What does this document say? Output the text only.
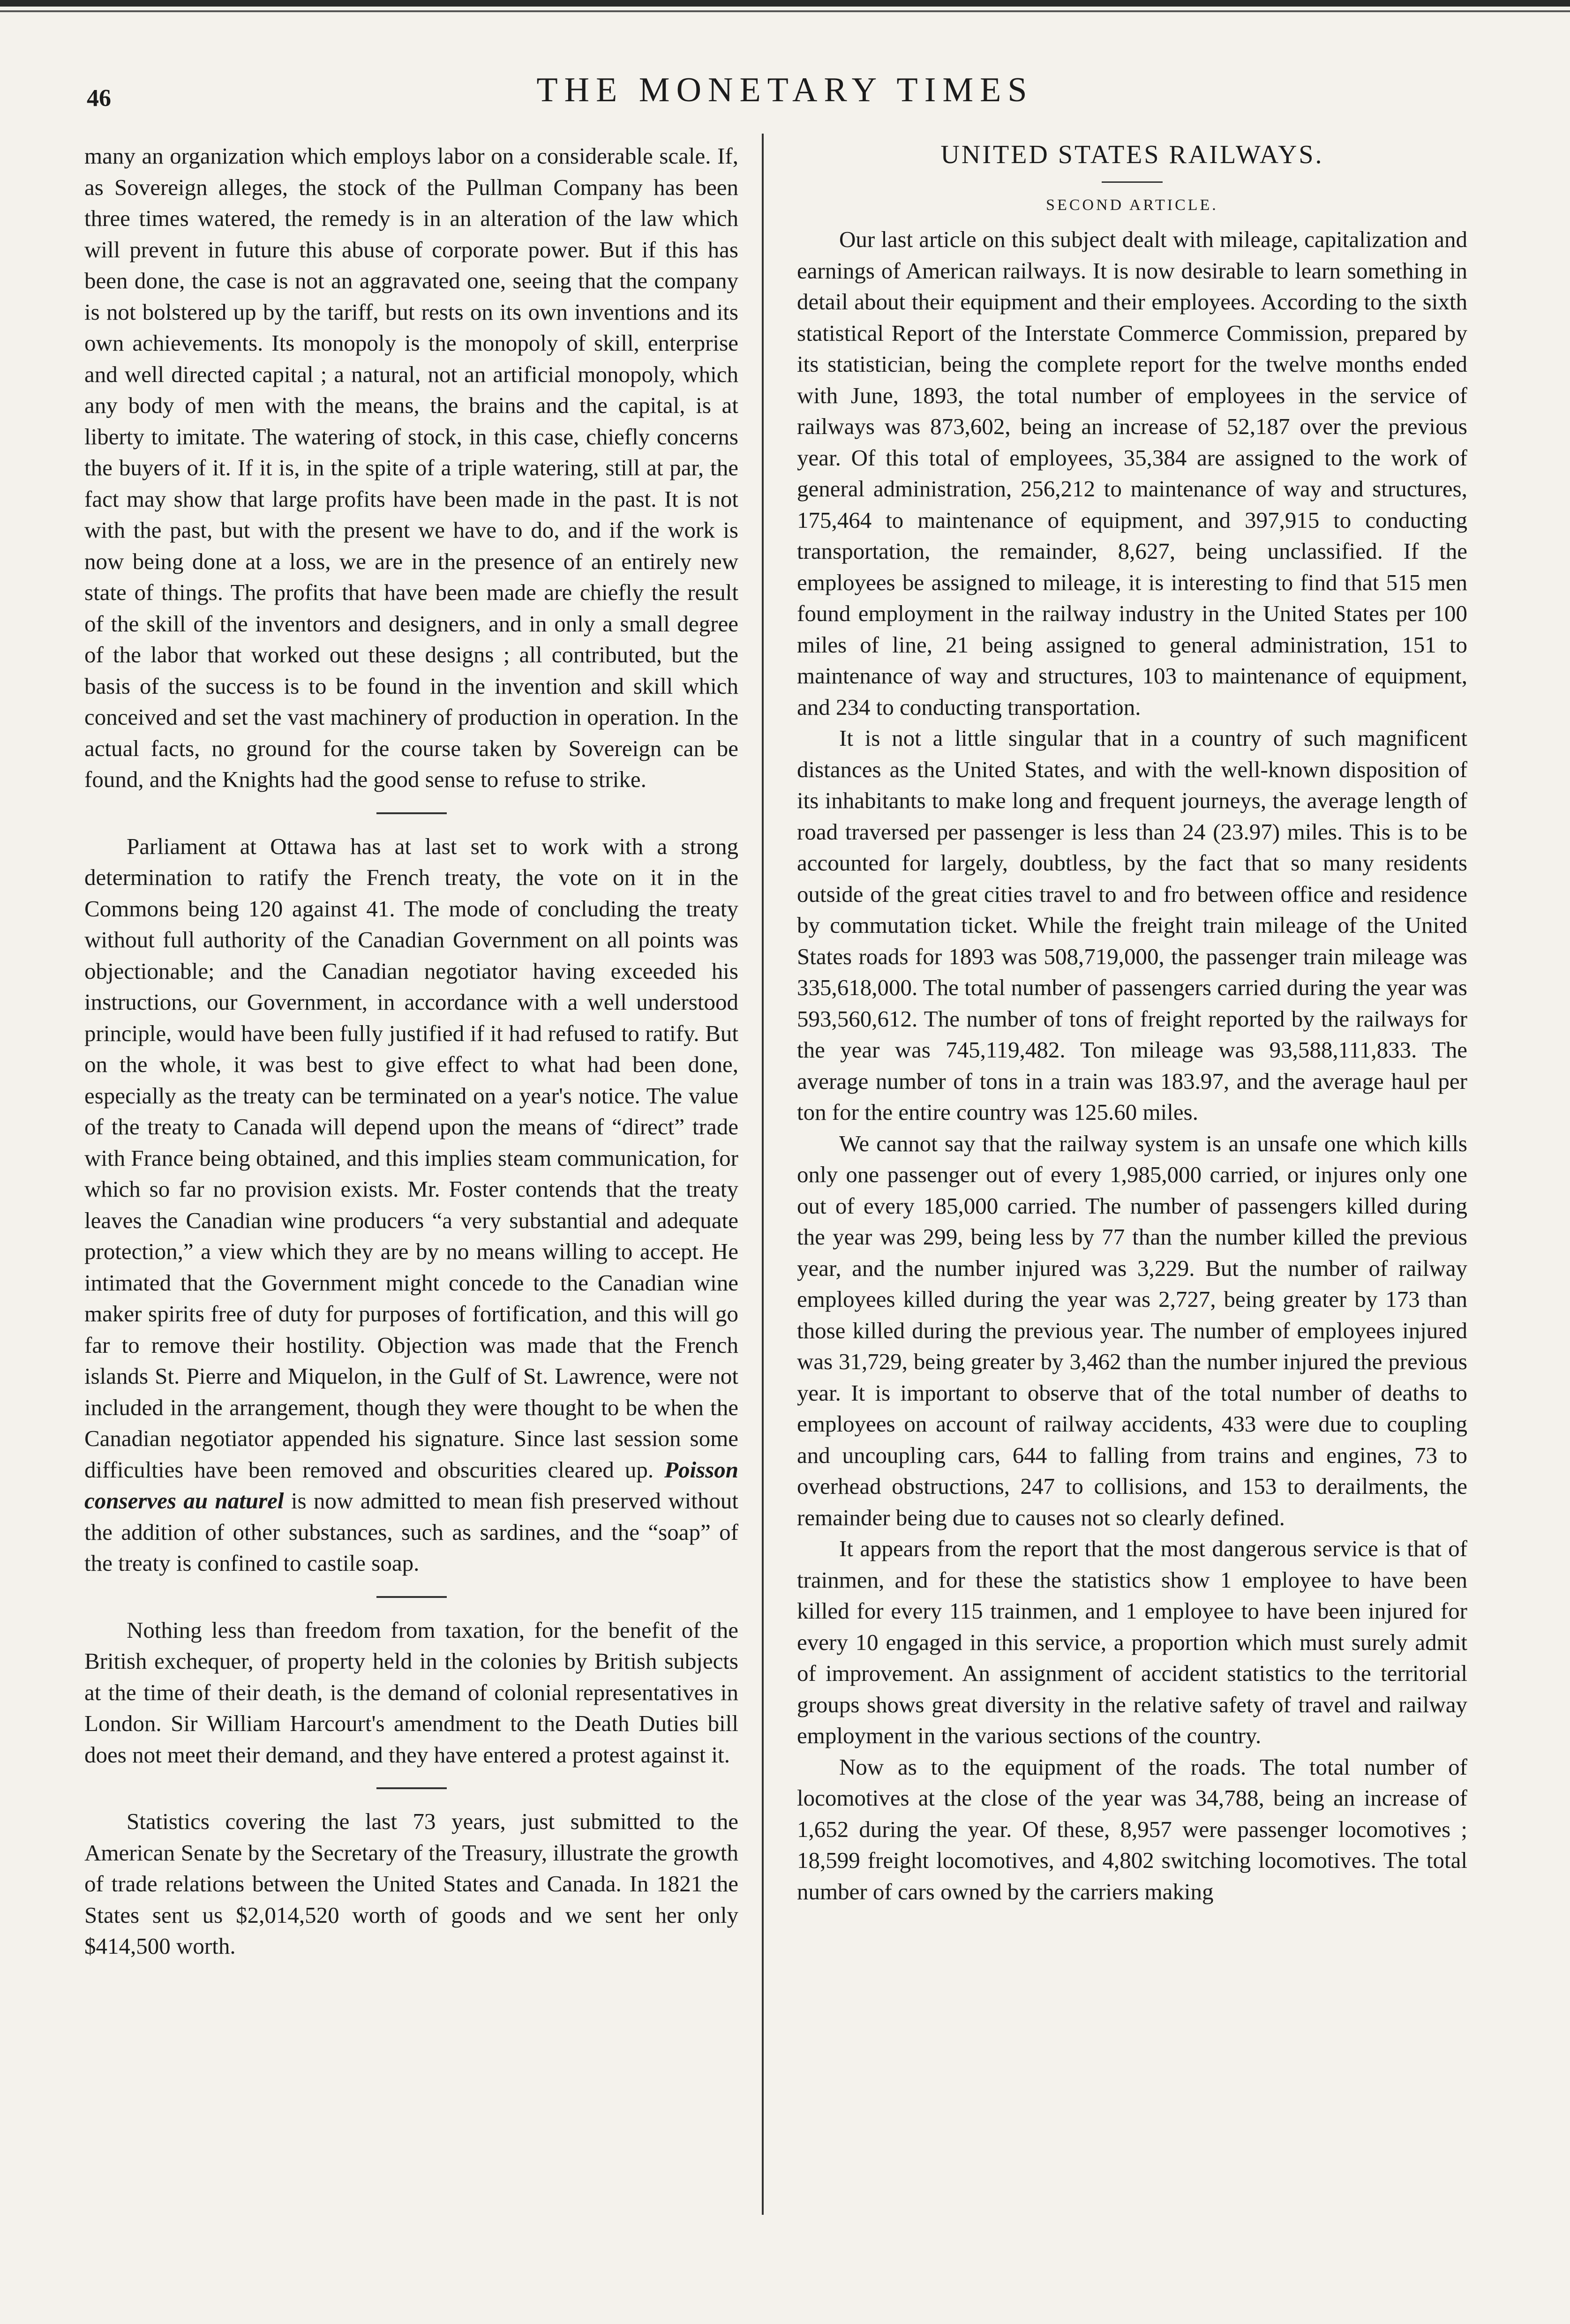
46	THE MONETARY TIMES

many an organization which employs labor on a considerable scale. If, as Sovereign alleges, the stock of the Pullman Company has been three times watered, the remedy is in an alteration of the law which will prevent in future this abuse of corporate power. But if this has been done, the case is not an aggravated one, seeing that the company is not bolstered up by the tariff, but rests on its own inventions and its own achievements. Its monopoly is the monopoly of skill, enterprise and well directed capital ; a natural, not an artificial monopoly, which any body of men with the means, the brains and the capital, is at liberty to imitate. The watering of stock, in this case, chiefly concerns the buyers of it. If it is, in the spite of a triple watering, still at par, the fact may show that large profits have been made in the past. It is not with the past, but with the present we have to do, and if the work is now being done at a loss, we are in the presence of an entirely new state of things. The profits that have been made are chiefly the result of the skill of the inventors and designers, and in only a small degree of the labor that worked out these designs ; all contributed, but the basis of the success is to be found in the invention and skill which conceived and set the vast machinery of production in operation. In the actual facts, no ground for the course taken by Sovereign can be found, and the Knights had the good sense to refuse to strike.

Parliament at Ottawa has at last set to work with a strong determination to ratify the French treaty, the vote on it in the Commons being 120 against 41. The mode of concluding the treaty without full authority of the Canadian Government on all points was objectionable; and the Canadian negotiator having exceeded his instructions, our Government, in accordance with a well understood principle, would have been fully justified if it had refused to ratify. But on the whole, it was best to give effect to what had been done, especially as the treaty can be terminated on a year's notice. The value of the treaty to Canada will depend upon the means of “direct” trade with France being obtained, and this implies steam communication, for which so far no provision exists. Mr. Foster contends that the treaty leaves the Canadian wine producers “a very substantial and adequate protection,” a view which they are by no means willing to accept. He intimated that the Government might concede to the Canadian wine maker spirits free of duty for purposes of fortification, and this will go far to remove their hostility. Objection was made that the French islands St. Pierre and Miquelon, in the Gulf of St. Lawrence, were not included in the arrangement, though they were thought to be when the Canadian negotiator appended his signature. Since last session some difficulties have been removed and obscurities cleared up. Poisson conserves au naturel is now admitted to mean fish preserved without the addition of other substances, such as sardines, and the “soap” of the treaty is confined to castile soap.

Nothing less than freedom from taxation, for the benefit of the British exchequer, of property held in the colonies by British subjects at the time of their death, is the demand of colonial representatives in London. Sir William Harcourt's amendment to the Death Duties bill does not meet their demand, and they have entered a protest against it.

Statistics covering the last 73 years, just submitted to the American Senate by the Secretary of the Treasury, illustrate the growth of trade relations between the United States and Canada. In 1821 the States sent us $2,014,520 worth of goods and we sent her only $414,500 worth.

UNITED STATES RAILWAYS.
SECOND ARTICLE.

Our last article on this subject dealt with mileage, capitalization and earnings of American railways. It is now desirable to learn something in detail about their equipment and their employees. According to the sixth statistical Report of the Interstate Commerce Commission, prepared by its statistician, being the complete report for the twelve months ended with June, 1893, the total number of employees in the service of railways was 873,602, being an increase of 52,187 over the previous year. Of this total of employees, 35,384 are assigned to the work of general administration, 256,212 to maintenance of way and structures, 175,464 to maintenance of equipment, and 397,915 to conducting transportation, the remainder, 8,627, being unclassified. If the employees be assigned to mileage, it is interesting to find that 515 men found employment in the railway industry in the United States per 100 miles of line, 21 being assigned to general administration, 151 to maintenance of way and structures, 103 to maintenance of equipment, and 234 to conducting transportation.

It is not a little singular that in a country of such magnificent distances as the United States, and with the well-known disposition of its inhabitants to make long and frequent journeys, the average length of road traversed per passenger is less than 24 (23.97) miles. This is to be accounted for largely, doubtless, by the fact that so many residents outside of the great cities travel to and fro between office and residence by commutation ticket. While the freight train mileage of the United States roads for 1893 was 508,719,000, the passenger train mileage was 335,618,000. The total number of passengers carried during the year was 593,560,612. The number of tons of freight reported by the railways for the year was 745,119,482. Ton mileage was 93,588,111,833. The average number of tons in a train was 183.97, and the average haul per ton for the entire country was 125.60 miles.

We cannot say that the railway system is an unsafe one which kills only one passenger out of every 1,985,000 carried, or injures only one out of every 185,000 carried. The number of passengers killed during the year was 299, being less by 77 than the number killed the previous year, and the number injured was 3,229. But the number of railway employees killed during the year was 2,727, being greater by 173 than those killed during the previous year. The number of employees injured was 31,729, being greater by 3,462 than the number injured the previous year. It is important to observe that of the total number of deaths to employees on account of railway accidents, 433 were due to coupling and uncoupling cars, 644 to falling from trains and engines, 73 to overhead obstructions, 247 to collisions, and 153 to derailments, the remainder being due to causes not so clearly defined.

It appears from the report that the most dangerous service is that of trainmen, and for these the statistics show 1 employee to have been killed for every 115 trainmen, and 1 employee to have been injured for every 10 engaged in this service, a proportion which must surely admit of improvement. An assignment of accident statistics to the territorial groups shows great diversity in the relative safety of travel and railway employment in the various sections of the country.

Now as to the equipment of the roads. The total number of locomotives at the close of the year was 34,788, being an increase of 1,652 during the year. Of these, 8,957 were passenger locomotives ; 18,599 freight locomotives, and 4,802 switching locomotives. The total number of cars owned by the carriers making
